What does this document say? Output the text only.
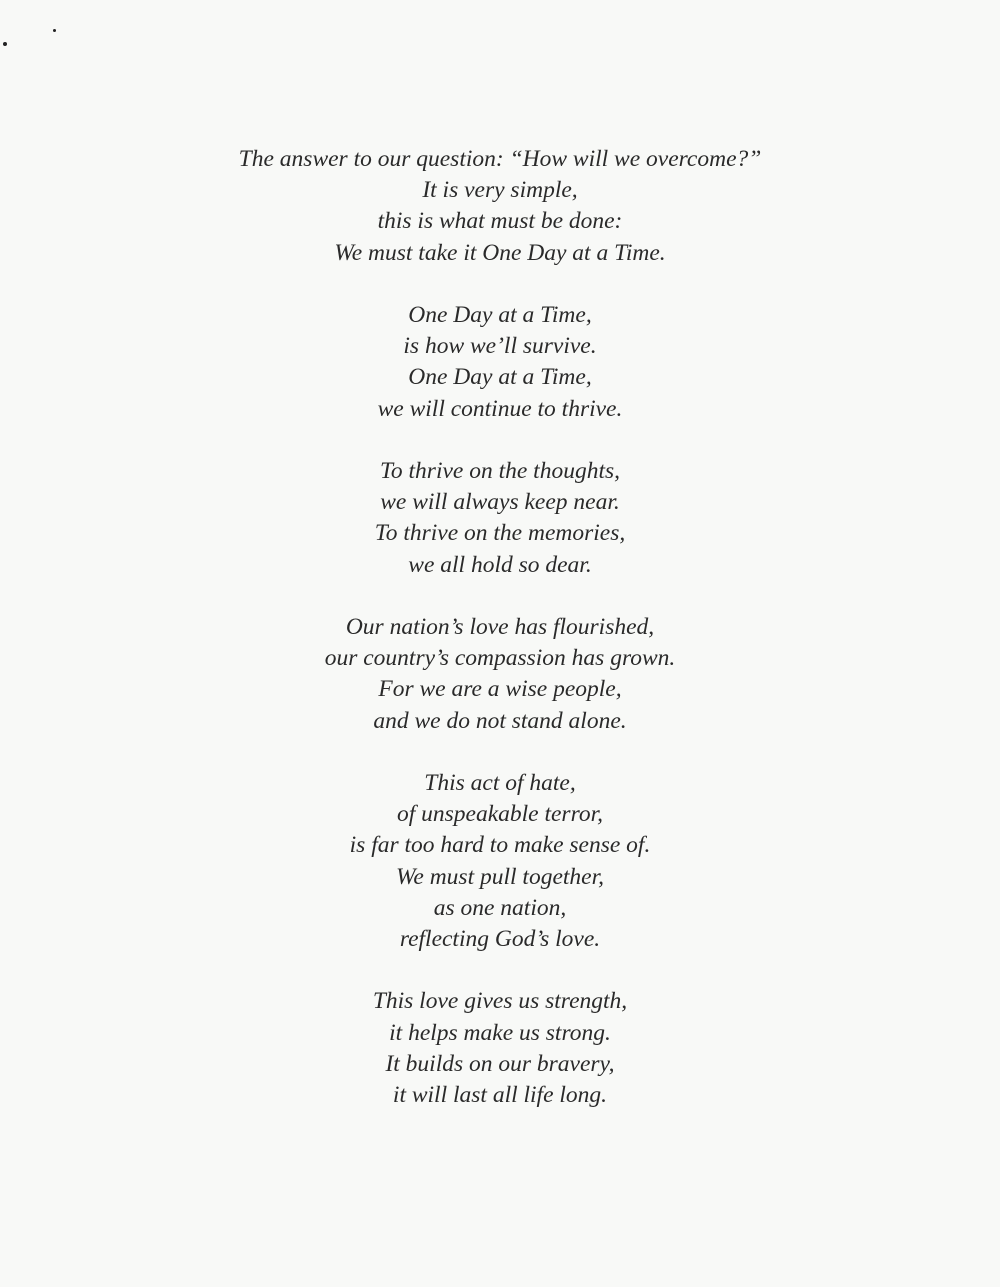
The answer to our question: “How will we overcome?”
It is very simple,
this is what must be done:
We must take it One Day at a Time.
One Day at a Time,
is how we’ll survive.
One Day at a Time,
we will continue to thrive.
To thrive on the thoughts,
we will always keep near.
To thrive on the memories,
we all hold so dear.
Our nation’s love has flourished,
our country’s compassion has grown.
For we are a wise people,
and we do not stand alone.
This act of hate,
of unspeakable terror,
is far too hard to make sense of.
We must pull together,
as one nation,
reflecting God’s love.
This love gives us strength,
it helps make us strong.
It builds on our bravery,
it will last all life long.
